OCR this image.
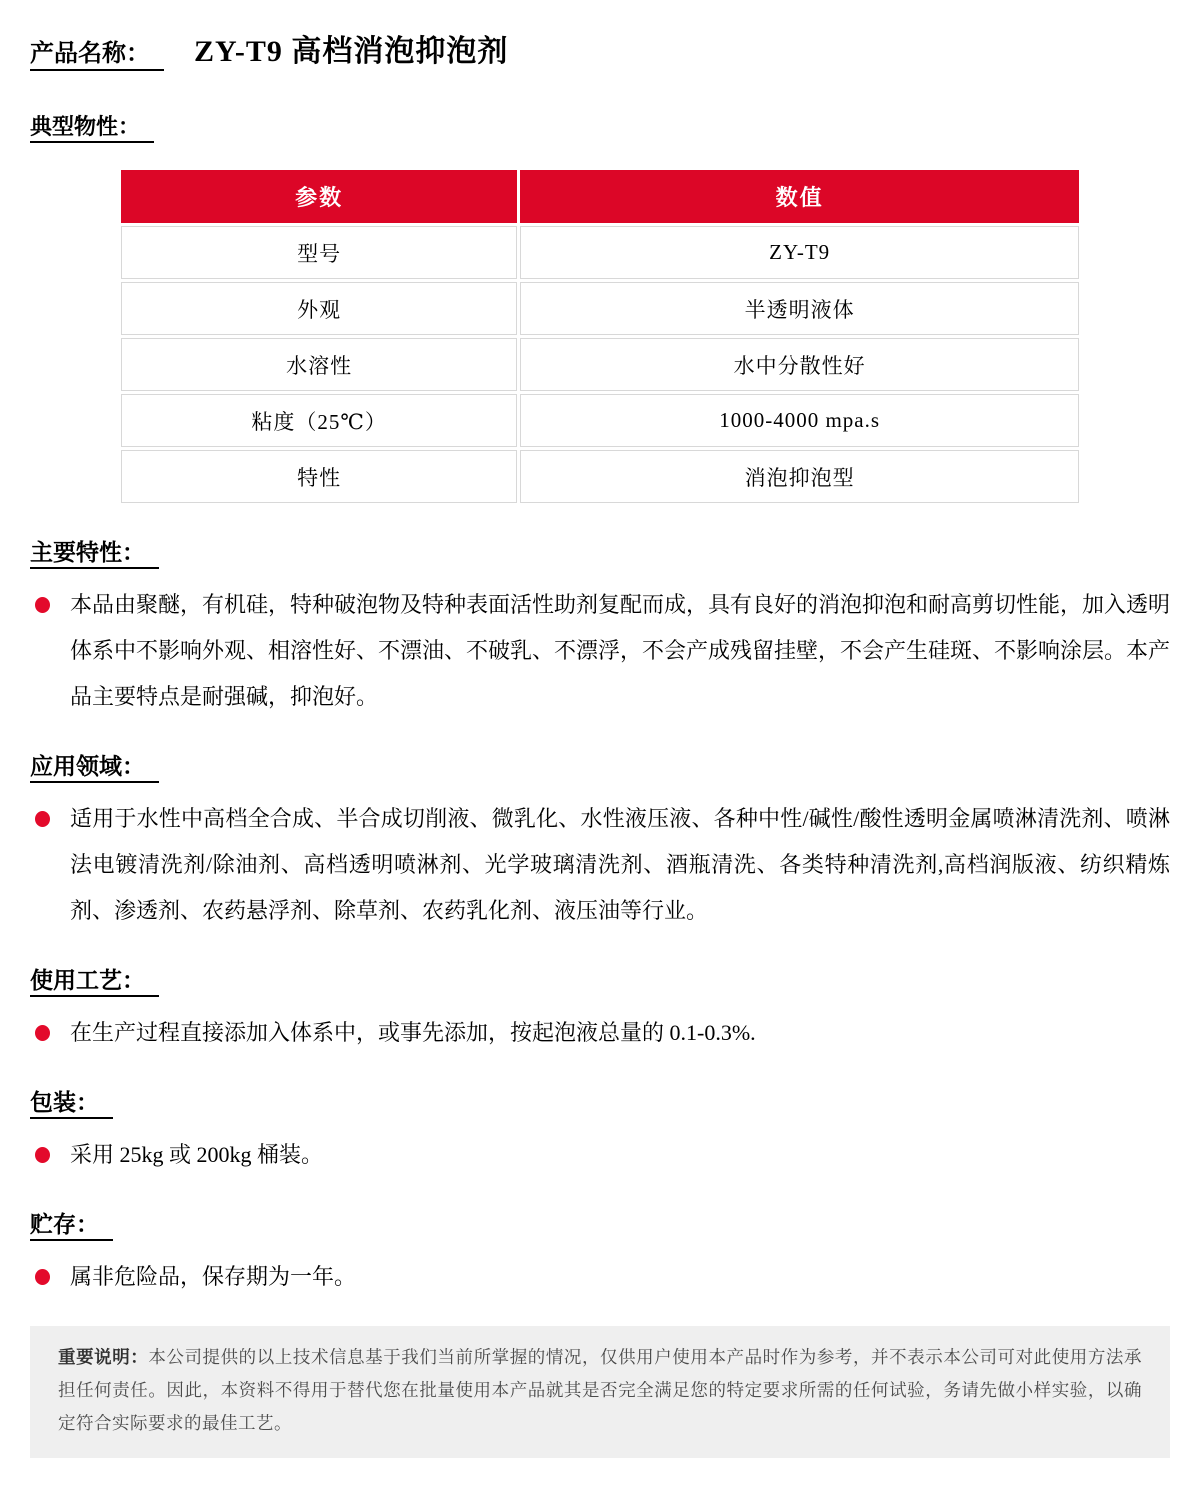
产品名称： ZY-T9 高档消泡抑泡剂
典型物性：
参数	数值
型号	ZY-T9
外观	半透明液体
水溶性	水中分散性好
粘度（25℃）	1000-4000 mpa.s
特性	消泡抑泡型
主要特性：
本品由聚醚，有机硅，特种破泡物及特种表面活性助剂复配而成，具有良好的消泡抑泡和耐高剪切性能，加入透明体系中不影响外观、相溶性好、不漂油、不破乳、不漂浮，不会产成残留挂壁，不会产生硅斑、不影响涂层。本产品主要特点是耐强碱，抑泡好。
应用领域：
适用于水性中高档全合成、半合成切削液、微乳化、水性液压液、各种中性/碱性/酸性透明金属喷淋清洗剂、喷淋法电镀清洗剂/除油剂、高档透明喷淋剂、光学玻璃清洗剂、酒瓶清洗、各类特种清洗剂,高档润版液、纺织精炼剂、渗透剂、农药悬浮剂、除草剂、农药乳化剂、液压油等行业。
使用工艺：
在生产过程直接添加入体系中，或事先添加，按起泡液总量的 0.1-0.3%.
包装：
采用 25kg 或 200kg 桶装。
贮存：
属非危险品，保存期为一年。

重要说明：本公司提供的以上技术信息基于我们当前所掌握的情况，仅供用户使用本产品时作为参考，并不表示本公司可对此使用方法承担任何责任。因此，本资料不得用于替代您在批量使用本产品就其是否完全满足您的特定要求所需的任何试验，务请先做小样实验，以确定符合实际要求的最佳工艺。
